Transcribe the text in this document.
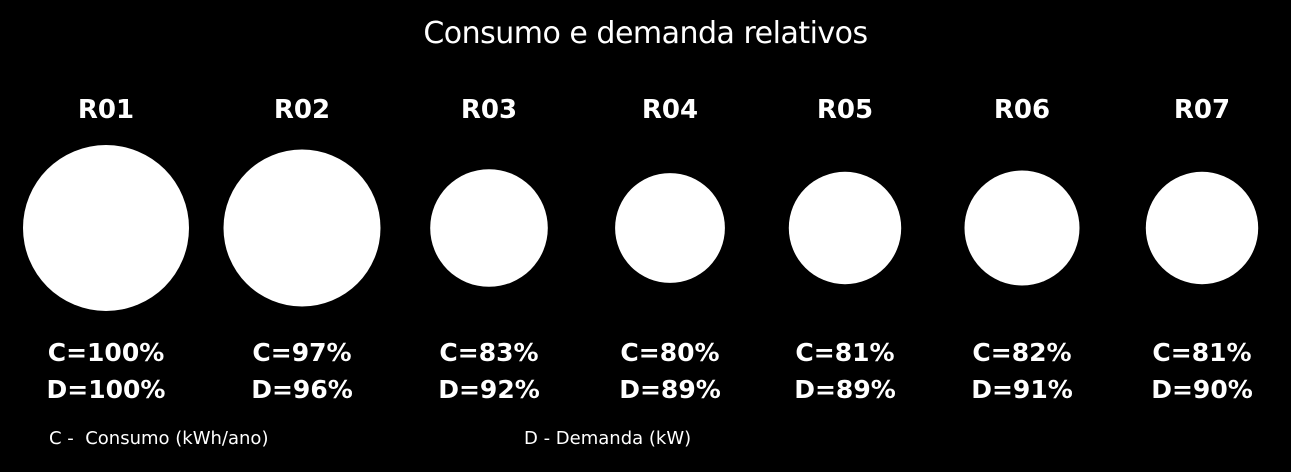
Consumo e demanda relativos
R01
C=100%
D=100%
R02
C=97%
D=96%
R03
C=83%
D=92%
R04
C=80%
D=89%
R05
C=81%
D=89%
R06
C=82%
D=91%
R07
C=81%
D=90%
C -  Consumo (kWh/ano)	D - Demanda (kW)
